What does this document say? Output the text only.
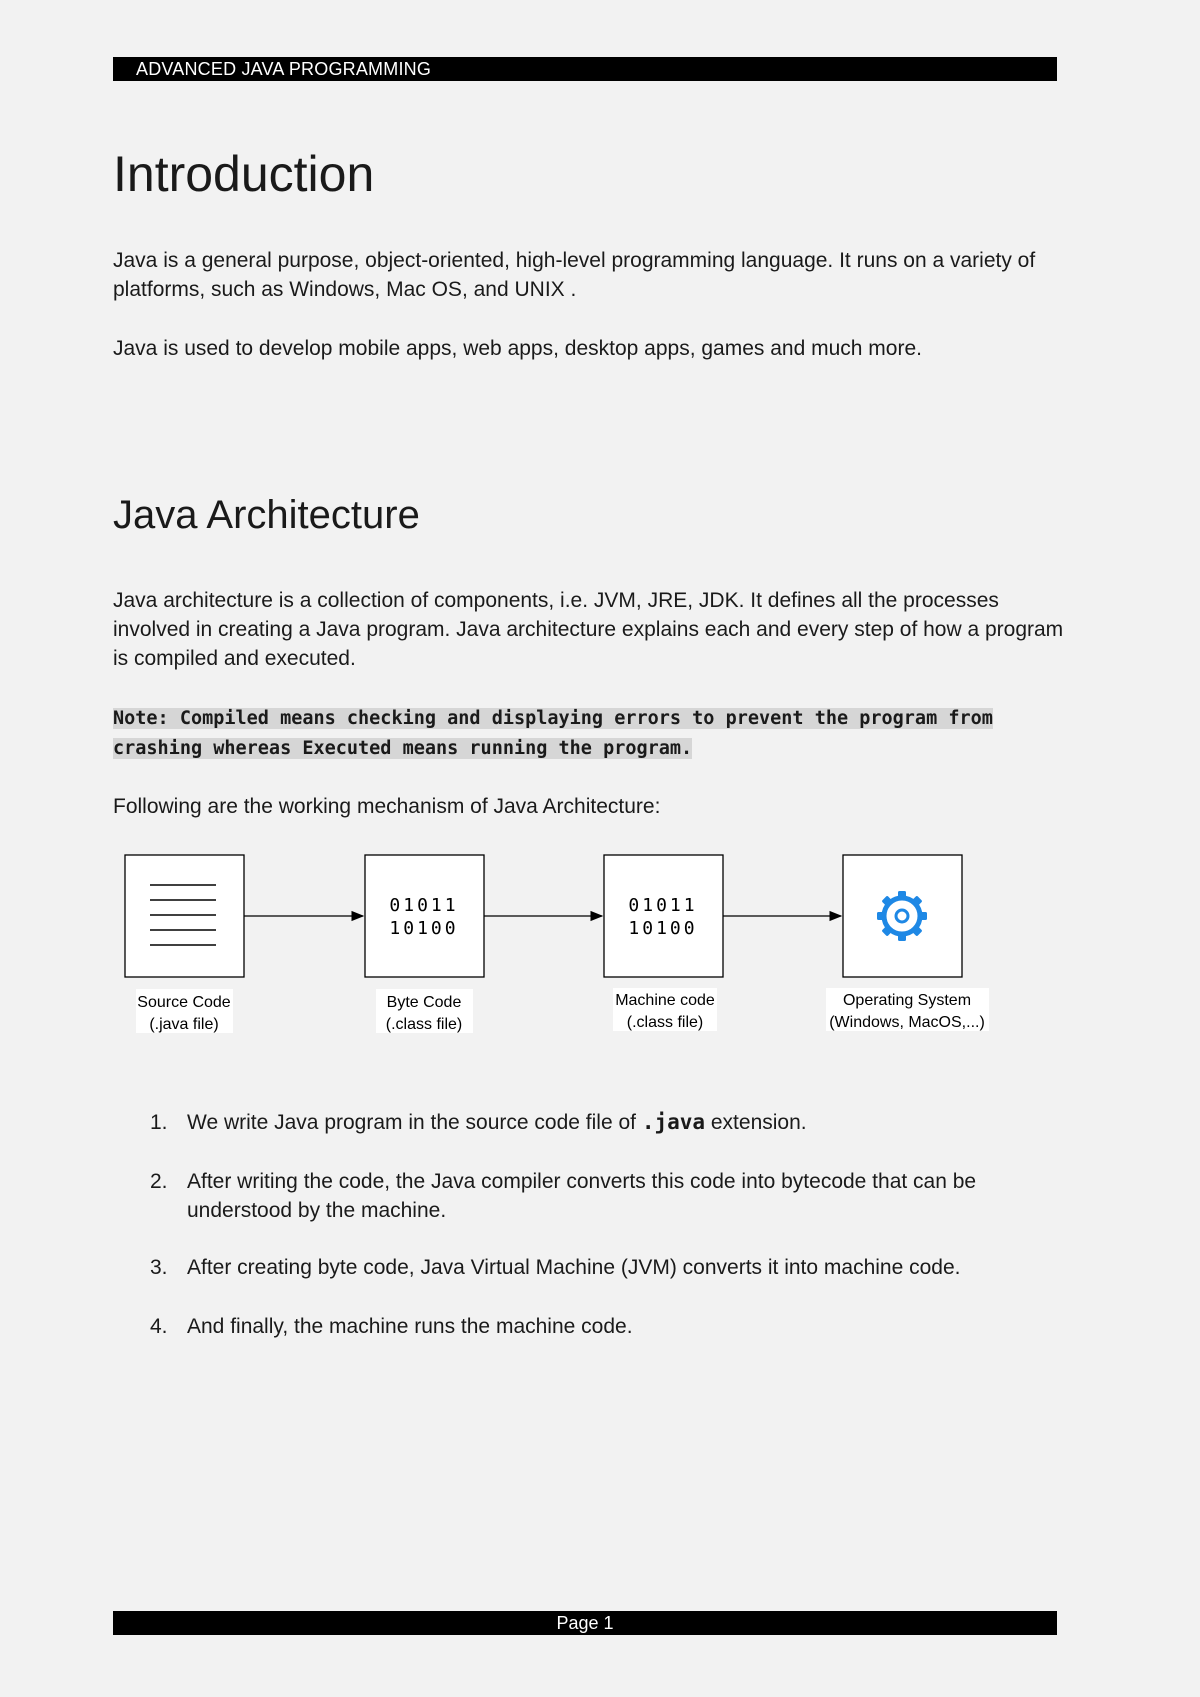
ADVANCED JAVA PROGRAMMING
Introduction

Java is a general purpose, object-oriented, high-level programming language. It runs on a variety of platforms, such as Windows, Mac OS, and UNIX .

Java is used to develop mobile apps, web apps, desktop apps, games and much more.

Java Architecture

Java architecture is a collection of components, i.e. JVM, JRE, JDK. It defines all the processes involved in creating a Java program. Java architecture explains each and every step of how a program is compiled and executed.

Note: Compiled means checking and displaying errors to prevent the program from crashing whereas Executed means running the program.

Following are the working mechanism of Java Architecture:

01011
10100
01011
10100
Source Code
(.java file)
Byte Code
(.class file)
Machine code
(.class file)
Operating System
(Windows, MacOS,...)
1. We write Java program in the source code file of .java extension.
2. After writing the code, the Java compiler converts this code into bytecode that can be understood by the machine.
3. After creating byte code, Java Virtual Machine (JVM) converts it into machine code.
4. And finally, the machine runs the machine code.
Page 1
